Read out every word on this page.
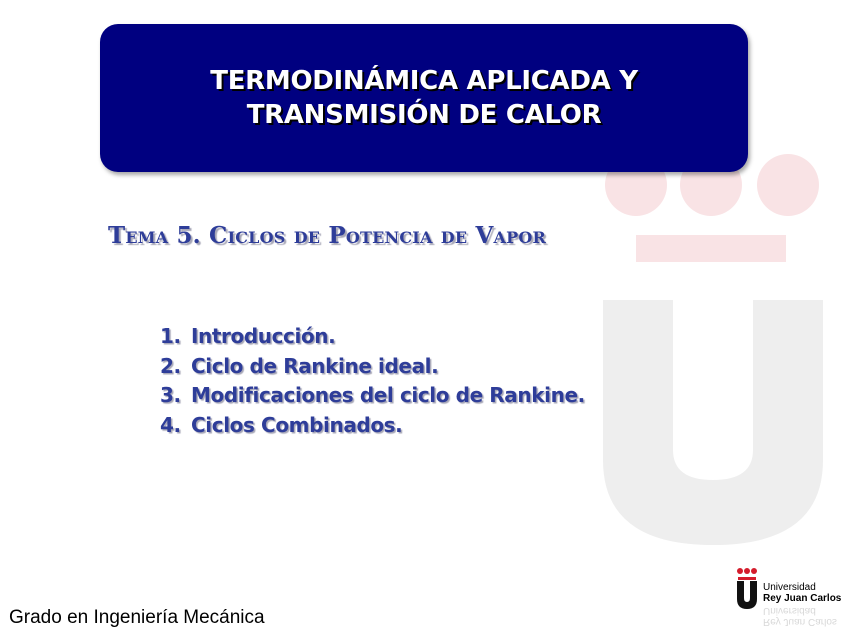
TERMODINÁMICA APLICADA Y
TRANSMISIÓN DE CALOR
Tema 5. Ciclos de Potencia de Vapor
1. Introducción.
2. Ciclo de Rankine ideal.
3. Modificaciones del ciclo de Rankine.
4. Ciclos Combinados.
Grado en Ingeniería Mecánica
Universidad
Rey Juan Carlos
Rey Juan Carlos
Universidad
